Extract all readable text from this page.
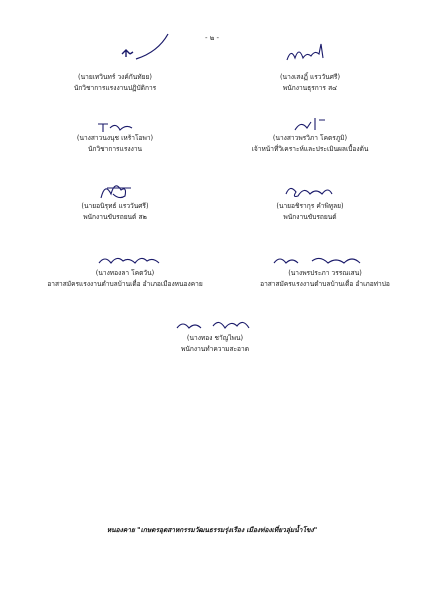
- ๒ -
(นายเทวินทร์ วงค์กันทัยย)
นักวิชาการแรงงานปฏิบัติการ
(นางเสงฏิ์ แรววันศรี)
พนักงานธุรการ ส๔
(นางสาวนงนุช เหร้าโอพา)
นักวิชาการแรงงาน
(นางสาวพรวิภา โคตรภูมิ)
เจ้าหน้าที่วิเคราะห์และประเมินผลเบื้องต้น
(นายอนิรุทธ์ แรววันศรี)
พนักงานขับรถยนต์ ส๒
(นายอชิรากุร คำพิทูลย)
พนักงานขับรถยนต์
(นางทองลา โคตวัน)
อาสาสมัครแรงงานตำบลบ้านเดื่อ อำเภอเมืองหนองคาย
(นางพรประภา วรรณเสน)
อาสาสมัครแรงงานตำบลบ้านเดื่อ อำเภอท่าบ่อ
(นางทอง ชาัญไพน)
พนักงานทำความสะอาด
หนองคาย "เกษตรอุตสาหกรรมวัฒนธรรมรุ่งเรือง เมืองท่องเที่ยวลุ่มน้ำโขง"
